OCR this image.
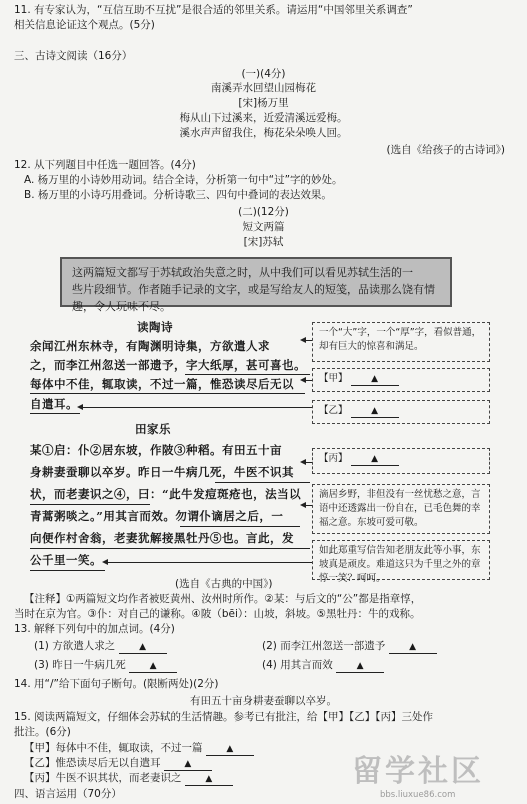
11. 有专家认为，“互信互助不互扰”是很合适的邻里关系。请运用“中国邻里关系调查”
相关信息论证这个观点。(5分)
三、古诗文阅读（16分）
(一)(4分)
南溪弄水回望山园梅花
[宋]杨万里
梅从山下过溪来，近爱清溪远爱梅。
溪水声声留我住，梅花朵朵唤人回。
(选自《给孩子的古诗词》)
12. 从下列题目中任选一题回答。(4分)
A. 杨万里的小诗妙用动词。结合全诗，分析第一句中“过”字的妙处。
B. 杨万里的小诗巧用叠词。分析诗歌三、四句中叠词的表达效果。
(二)(12分)
短文两篇
[宋]苏轼
这两篇短文都写于苏轼政治失意之时，从中我们可以看见苏轼生活的一
些片段细节。作者随手记录的文字，或是写给友人的短笺，品读那么饶有情
趣，令人玩味不尽。
读陶诗
余闻江州东林寺，有陶渊明诗集，方欲遣人求
之，而李江州忽送一部遗予，字大纸厚，甚可喜也。
每体中不佳，辄取读，不过一篇，惟恐读尽后无以
自遣耳。
田家乐
某①启：仆②居东坡，作陂③种稻。有田五十亩
身耕妻蚕聊以卒岁。昨日一牛病几死，牛医不识其
状，而老妻识之④，曰：“此牛发痘斑疮也，法当以
青蒿粥啖之。”用其言而效。勿谓仆谪居之后，一
向便作村舍翁，老妻犹解接黑牡丹⑤也。言此，发
公千里一笑。
一个“大”字，一个“厚”字，看似普通，却有巨大的惊喜和满足。
【甲】	▲
【乙】	▲
【丙】	▲
滴居乡野，非但没有一丝忧愁之意，言语中还透露出一份自在，已毛色舞的幸福之意。东坡可爱可敬。
如此郑重写信告知老朋友此等小事，东坡真是顽皮。难道这只为千里之外的章惇一笑？呵呵。
(选自《古典的中国》)
【注释】①两篇短文均作者被贬黄州、汝州时所作。②某：与后文的“公”都是指章惇，
当时在京为官。③仆：对自己的谦称。④陂（bēi）：山坡，斜坡。⑤黑牡丹：牛的戏称。
13. 解释下列句中的加点词。(4分)
(1) 方欲遣人求之	▲	(2) 而李江州忽送一部遗予	▲
(3) 昨日一牛病几死	▲	(4) 用其言而效	▲
14. 用“/”给下面句子断句。(限断两处)(2分)
有田五十亩身耕妻蚕聊以卒岁。
15. 阅读两篇短文，仔细体会苏轼的生活情趣。参考已有批注，给【甲】【乙】【丙】三处作
批注。(6分)
【甲】每体中不佳，辄取读，不过一篇	▲
【乙】惟恐读尽后无以自遣耳	▲
【丙】牛医不识其状，而老妻识之	▲
四、语言运用（70分）
留学社区
bbs.liuxue86.com
